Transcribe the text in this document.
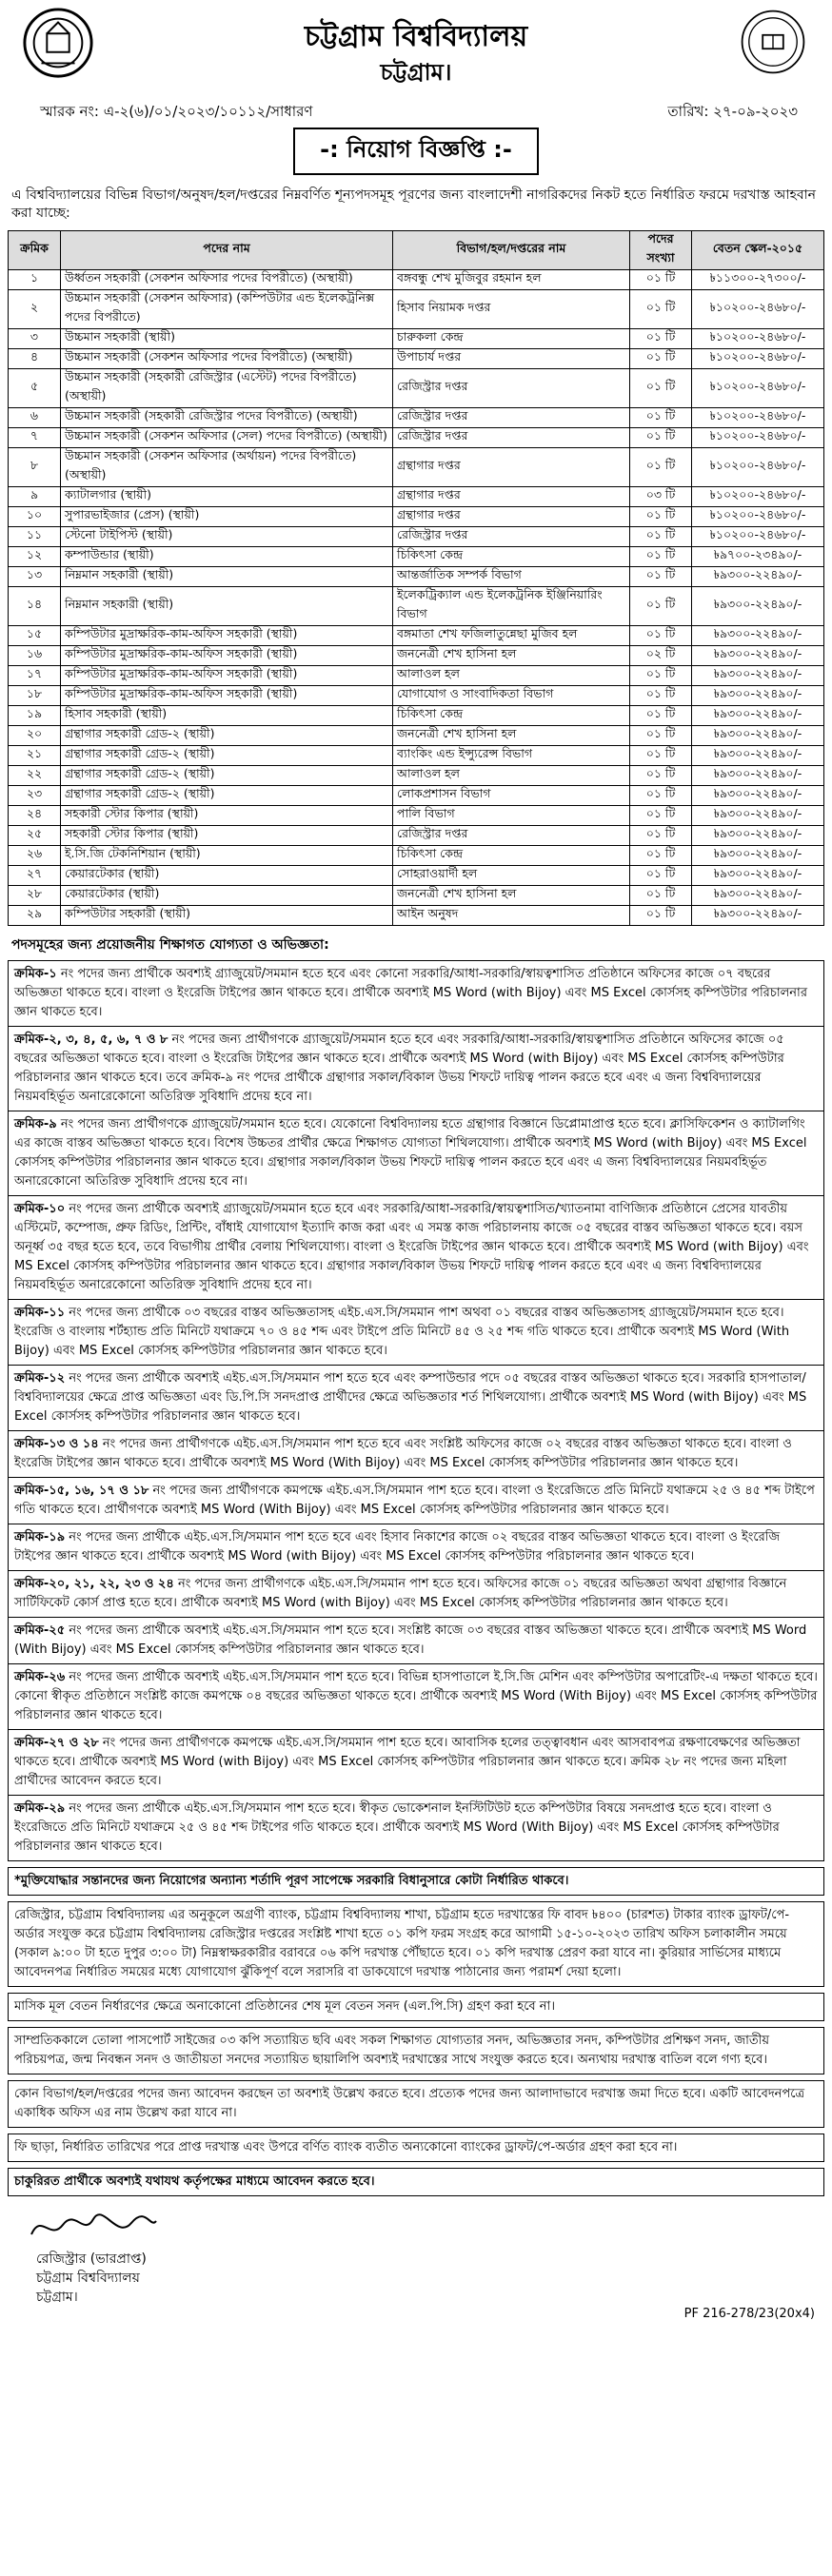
চট্টগ্রাম বিশ্ববিদ্যালয়
চট্টগ্রাম।
স্মারক নং: এ-২(৬)/০১/২০২৩/১০১১২/সাধারণ	তারিখ: ২৭-০৯-২০২৩
-: নিয়োগ বিজ্ঞপ্তি :-
এ বিশ্ববিদ্যালয়ের বিভিন্ন বিভাগ/অনুষদ/হল/দপ্তরের নিম্নবর্ণিত শূন্যপদসমূহ পূরণের জন্য বাংলাদেশী নাগরিকদের নিকট হতে নির্ধারিত ফরমে দরখাস্ত আহবান করা যাচ্ছে:
ক্রমিক	পদের নাম	বিভাগ/হল/দপ্তরের নাম	পদের সংখ্যা	বেতন স্কেল-২০১৫
১	উর্ধ্বতন সহকারী (সেকশন অফিসার পদের বিপরীতে) (অস্থায়ী)	বঙ্গবন্ধু শেখ মুজিবুর রহমান হল	০১ টি	৳১১৩০০-২৭৩০০/-
২	উচ্চমান সহকারী (সেকশন অফিসার) (কম্পিউটার এন্ড ইলেকট্রনিক্স পদের বিপরীতে)	হিসাব নিয়ামক দপ্তর	০১ টি	৳১০২০০-২৪৬৮০/-
৩	উচ্চমান সহকারী (স্থায়ী)	চারুকলা কেন্দ্র	০১ টি	৳১০২০০-২৪৬৮০/-
৪	উচ্চমান সহকারী (সেকশন অফিসার পদের বিপরীতে) (অস্থায়ী)	উপাচার্য দপ্তর	০১ টি	৳১০২০০-২৪৬৮০/-
৫	উচ্চমান সহকারী (সহকারী রেজিস্ট্রার (এস্টেট) পদের বিপরীতে) (অস্থায়ী)	রেজিস্ট্রার দপ্তর	০১ টি	৳১০২০০-২৪৬৮০/-
৬	উচ্চমান সহকারী (সহকারী রেজিস্ট্রার পদের বিপরীতে) (অস্থায়ী)	রেজিস্ট্রার দপ্তর	০১ টি	৳১০২০০-২৪৬৮০/-
৭	উচ্চমান সহকারী (সেকশন অফিসার (সেল) পদের বিপরীতে) (অস্থায়ী)	রেজিস্ট্রার দপ্তর	০১ টি	৳১০২০০-২৪৬৮০/-
৮	উচ্চমান সহকারী (সেকশন অফিসার (অর্থায়ন) পদের বিপরীতে) (অস্থায়ী)	গ্রন্থাগার দপ্তর	০১ টি	৳১০২০০-২৪৬৮০/-
৯	ক্যাটালগার (স্থায়ী)	গ্রন্থাগার দপ্তর	০৩ টি	৳১০২০০-২৪৬৮০/-
১০	সুপারভাইজার (প্রেস) (স্থায়ী)	গ্রন্থাগার দপ্তর	০১ টি	৳১০২০০-২৪৬৮০/-
১১	স্টেনো টাইপিস্ট (স্থায়ী)	রেজিস্ট্রার দপ্তর	০১ টি	৳১০২০০-২৪৬৮০/-
১২	কম্পাউন্ডার (স্থায়ী)	চিকিৎসা কেন্দ্র	০১ টি	৳৯৭০০-২৩৪৯০/-
১৩	নিম্নমান সহকারী (স্থায়ী)	আন্তর্জাতিক সম্পর্ক বিভাগ	০১ টি	৳৯৩০০-২২৪৯০/-
১৪	নিম্নমান সহকারী (স্থায়ী)	ইলেকট্রিক্যাল এন্ড ইলেকট্রনিক ইঞ্জিনিয়ারিং বিভাগ	০১ টি	৳৯৩০০-২২৪৯০/-
১৫	কম্পিউটার মুদ্রাক্ষরিক-কাম-অফিস সহকারী (স্থায়ী)	বঙ্গমাতা শেখ ফজিলাতুন্নেছা মুজিব হল	০১ টি	৳৯৩০০-২২৪৯০/-
১৬	কম্পিউটার মুদ্রাক্ষরিক-কাম-অফিস সহকারী (স্থায়ী)	জননেত্রী শেখ হাসিনা হল	০২ টি	৳৯৩০০-২২৪৯০/-
১৭	কম্পিউটার মুদ্রাক্ষরিক-কাম-অফিস সহকারী (স্থায়ী)	আলাওল হল	০১ টি	৳৯৩০০-২২৪৯০/-
১৮	কম্পিউটার মুদ্রাক্ষরিক-কাম-অফিস সহকারী (স্থায়ী)	যোগাযোগ ও সাংবাদিকতা বিভাগ	০১ টি	৳৯৩০০-২২৪৯০/-
১৯	হিসাব সহকারী (স্থায়ী)	চিকিৎসা কেন্দ্র	০১ টি	৳৯৩০০-২২৪৯০/-
২০	গ্রন্থাগার সহকারী গ্রেড-২ (স্থায়ী)	জননেত্রী শেখ হাসিনা হল	০১ টি	৳৯৩০০-২২৪৯০/-
২১	গ্রন্থাগার সহকারী গ্রেড-২ (স্থায়ী)	ব্যাংকিং এন্ড ইন্স্যুরেন্স বিভাগ	০১ টি	৳৯৩০০-২২৪৯০/-
২২	গ্রন্থাগার সহকারী গ্রেড-২ (স্থায়ী)	আলাওল হল	০১ টি	৳৯৩০০-২২৪৯০/-
২৩	গ্রন্থাগার সহকারী গ্রেড-২ (স্থায়ী)	লোকপ্রশাসন বিভাগ	০১ টি	৳৯৩০০-২২৪৯০/-
২৪	সহকারী স্টোর কিপার (স্থায়ী)	পালি বিভাগ	০১ টি	৳৯৩০০-২২৪৯০/-
২৫	সহকারী স্টোর কিপার (স্থায়ী)	রেজিস্ট্রার দপ্তর	০১ টি	৳৯৩০০-২২৪৯০/-
২৬	ই.সি.জি টেকনিশিয়ান (স্থায়ী)	চিকিৎসা কেন্দ্র	০১ টি	৳৯৩০০-২২৪৯০/-
২৭	কেয়ারটেকার (স্থায়ী)	সোহরাওয়ার্দী হল	০১ টি	৳৯৩০০-২২৪৯০/-
২৮	কেয়ারটেকার (স্থায়ী)	জননেত্রী শেখ হাসিনা হল	০১ টি	৳৯৩০০-২২৪৯০/-
২৯	কম্পিউটার সহকারী (স্থায়ী)	আইন অনুষদ	০১ টি	৳৯৩০০-২২৪৯০/-
পদসমূহের জন্য প্রয়োজনীয় শিক্ষাগত যোগ্যতা ও অভিজ্ঞতা:
ক্রমিক-১ নং পদের জন্য প্রার্থীকে অবশ্যই গ্র্যাজুয়েট/সমমান হতে হবে এবং কোনো সরকারি/আধা-সরকারি/স্বায়ত্বশাসিত প্রতিষ্ঠানে অফিসের কাজে ০৭ বছরের অভিজ্ঞতা থাকতে হবে। বাংলা ও ইংরেজি টাইপের জ্ঞান থাকতে হবে। প্রার্থীকে অবশ্যই MS Word (with Bijoy) এবং MS Excel কোর্সসহ কম্পিউটার পরিচালনার জ্ঞান থাকতে হবে।
ক্রমিক-২, ৩, ৪, ৫, ৬, ৭ ও ৮ নং পদের জন্য প্রার্থীগণকে গ্র্যাজুয়েট/সমমান হতে হবে এবং সরকারি/আধা-সরকারি/স্বায়ত্বশাসিত প্রতিষ্ঠানে অফিসের কাজে ০৫ বছরের অভিজ্ঞতা থাকতে হবে। বাংলা ও ইংরেজি টাইপের জ্ঞান থাকতে হবে। প্রার্থীকে অবশ্যই MS Word (with Bijoy) এবং MS Excel কোর্সসহ কম্পিউটার পরিচালনার জ্ঞান থাকতে হবে। তবে ক্রমিক-৯ নং পদের প্রার্থীকে গ্রন্থাগার সকাল/বিকাল উভয় শিফটে দায়িত্ব পালন করতে হবে এবং এ জন্য বিশ্ববিদ্যালয়ের নিয়মবহির্ভূত অনারেকোনো অতিরিক্ত সুবিধাদি প্রদেয় হবে না।
ক্রমিক-৯ নং পদের জন্য প্রার্থীগণকে গ্র্যাজুয়েট/সমমান হতে হবে। যেকোনো বিশ্ববিদ্যালয় হতে গ্রন্থাগার বিজ্ঞানে ডিপ্লোমাপ্রাপ্ত হতে হবে। ক্লাসিফিকেশন ও ক্যাটালগিং এর কাজে বাস্তব অভিজ্ঞতা থাকতে হবে। বিশেষ উচ্চতর প্রার্থীর ক্ষেত্রে শিক্ষাগত যোগ্যতা শিথিলযোগ্য। প্রার্থীকে অবশ্যই MS Word (with Bijoy) এবং MS Excel কোর্সসহ কম্পিউটার পরিচালনার জ্ঞান থাকতে হবে। গ্রন্থাগার সকাল/বিকাল উভয় শিফটে দায়িত্ব পালন করতে হবে এবং এ জন্য বিশ্ববিদ্যালয়ের নিয়মবহির্ভূত অনারেকোনো অতিরিক্ত সুবিধাদি প্রদেয় হবে না।
ক্রমিক-১০ নং পদের জন্য প্রার্থীকে অবশ্যই গ্র্যাজুয়েট/সমমান হতে হবে এবং সরকারি/আধা-সরকারি/স্বায়ত্বশাসিত/খ্যাতনামা বাণিজ্যিক প্রতিষ্ঠানে প্রেসের যাবতীয় এস্টিমেট, কম্পোজ, প্রুফ রিডিং, প্রিন্টিং, বাঁধাই যোগাযোগ ইত্যাদি কাজ করা এবং এ সমস্ত কাজ পরিচালনায় কাজে ০৫ বছরের বাস্তব অভিজ্ঞতা থাকতে হবে। বয়স অনূর্ধ্ব ৩৫ বছর হতে হবে, তবে বিভাগীয় প্রার্থীর বেলায় শিথিলযোগ্য। বাংলা ও ইংরেজি টাইপের জ্ঞান থাকতে হবে। প্রার্থীকে অবশ্যই MS Word (with Bijoy) এবং MS Excel কোর্সসহ কম্পিউটার পরিচালনার জ্ঞান থাকতে হবে। গ্রন্থাগার সকাল/বিকাল উভয় শিফটে দায়িত্ব পালন করতে হবে এবং এ জন্য বিশ্ববিদ্যালয়ের নিয়মবহির্ভূত অনারেকোনো অতিরিক্ত সুবিধাদি প্রদেয় হবে না।
ক্রমিক-১১ নং পদের জন্য প্রার্থীকে ০৩ বছরের বাস্তব অভিজ্ঞতাসহ এইচ.এস.সি/সমমান পাশ অথবা ০১ বছরের বাস্তব অভিজ্ঞতাসহ গ্র্যাজুয়েট/সমমান হতে হবে। ইংরেজি ও বাংলায় শর্টহ্যান্ড প্রতি মিনিটে যথাক্রমে ৭০ ও ৪৫ শব্দ এবং টাইপে প্রতি মিনিটে ৪৫ ও ২৫ শব্দ গতি থাকতে হবে। প্রার্থীকে অবশ্যই MS Word (With Bijoy) এবং MS Excel কোর্সসহ কম্পিউটার পরিচালনার জ্ঞান থাকতে হবে।
ক্রমিক-১২ নং পদের জন্য প্রার্থীকে অবশ্যই এইচ.এস.সি/সমমান পাশ হতে হবে এবং কম্পাউন্ডার পদে ০৫ বছরের বাস্তব অভিজ্ঞতা থাকতে হবে। সরকারি হাসপাতাল/বিশ্ববিদ্যালয়ের ক্ষেত্রে প্রাপ্ত অভিজ্ঞতা এবং ডি.পি.সি সনদপ্রাপ্ত প্রার্থীদের ক্ষেত্রে অভিজ্ঞতার শর্ত শিথিলযোগ্য। প্রার্থীকে অবশ্যই MS Word (with Bijoy) এবং MS Excel কোর্সসহ কম্পিউটার পরিচালনার জ্ঞান থাকতে হবে।
ক্রমিক-১৩ ও ১৪ নং পদের জন্য প্রার্থীগণকে এইচ.এস.সি/সমমান পাশ হতে হবে এবং সংশ্লিষ্ট অফিসের কাজে ০২ বছরের বাস্তব অভিজ্ঞতা থাকতে হবে। বাংলা ও ইংরেজি টাইপের জ্ঞান থাকতে হবে। প্রার্থীকে অবশ্যই MS Word (With Bijoy) এবং MS Excel কোর্সসহ কম্পিউটার পরিচালনার জ্ঞান থাকতে হবে।
ক্রমিক-১৫, ১৬, ১৭ ও ১৮ নং পদের জন্য প্রার্থীগণকে কমপক্ষে এইচ.এস.সি/সমমান পাশ হতে হবে। বাংলা ও ইংরেজিতে প্রতি মিনিটে যথাক্রমে ২৫ ও ৪৫ শব্দ টাইপে গতি থাকতে হবে। প্রার্থীগণকে অবশ্যই MS Word (With Bijoy) এবং MS Excel কোর্সসহ কম্পিউটার পরিচালনার জ্ঞান থাকতে হবে।
ক্রমিক-১৯ নং পদের জন্য প্রার্থীকে এইচ.এস.সি/সমমান পাশ হতে হবে এবং হিসাব নিকাশের কাজে ০২ বছরের বাস্তব অভিজ্ঞতা থাকতে হবে। বাংলা ও ইংরেজি টাইপের জ্ঞান থাকতে হবে। প্রার্থীকে অবশ্যই MS Word (with Bijoy) এবং MS Excel কোর্সসহ কম্পিউটার পরিচালনার জ্ঞান থাকতে হবে।
ক্রমিক-২০, ২১, ২২, ২৩ ও ২৪ নং পদের জন্য প্রার্থীগণকে এইচ.এস.সি/সমমান পাশ হতে হবে। অফিসের কাজে ০১ বছরের অভিজ্ঞতা অথবা গ্রন্থাগার বিজ্ঞানে সার্টিফিকেট কোর্স প্রাপ্ত হতে হবে। প্রার্থীকে অবশ্যই MS Word (with Bijoy) এবং MS Excel কোর্সসহ কম্পিউটার পরিচালনার জ্ঞান থাকতে হবে।
ক্রমিক-২৫ নং পদের জন্য প্রার্থীকে অবশ্যই এইচ.এস.সি/সমমান পাশ হতে হবে। সংশ্লিষ্ট কাজে ০৩ বছরের বাস্তব অভিজ্ঞতা থাকতে হবে। প্রার্থীকে অবশ্যই MS Word (With Bijoy) এবং MS Excel কোর্সসহ কম্পিউটার পরিচালনার জ্ঞান থাকতে হবে।
ক্রমিক-২৬ নং পদের জন্য প্রার্থীকে অবশ্যই এইচ.এস.সি/সমমান পাশ হতে হবে। বিভিন্ন হাসপাতালে ই.সি.জি মেশিন এবং কম্পিউটার অপারেটিং-এ দক্ষতা থাকতে হবে। কোনো স্বীকৃত প্রতিষ্ঠানে সংশ্লিষ্ট কাজে কমপক্ষে ০৪ বছরের অভিজ্ঞতা থাকতে হবে। প্রার্থীকে অবশ্যই MS Word (With Bijoy) এবং MS Excel কোর্সসহ কম্পিউটার পরিচালনার জ্ঞান থাকতে হবে।
ক্রমিক-২৭ ও ২৮ নং পদের জন্য প্রার্থীগণকে কমপক্ষে এইচ.এস.সি/সমমান পাশ হতে হবে। আবাসিক হলের তত্ত্বাবধান এবং আসবাবপত্র রক্ষণাবেক্ষণের অভিজ্ঞতা থাকতে হবে। প্রার্থীকে অবশ্যই MS Word (with Bijoy) এবং MS Excel কোর্সসহ কম্পিউটার পরিচালনার জ্ঞান থাকতে হবে। ক্রমিক ২৮ নং পদের জন্য মহিলা প্রার্থীদের আবেদন করতে হবে।
ক্রমিক-২৯ নং পদের জন্য প্রার্থীকে এইচ.এস.সি/সমমান পাশ হতে হবে। স্বীকৃত ভোকেশনাল ইনস্টিটিউট হতে কম্পিউটার বিষয়ে সনদপ্রাপ্ত হতে হবে। বাংলা ও ইংরেজিতে প্রতি মিনিটে যথাক্রমে ২৫ ও ৪৫ শব্দ টাইপের গতি থাকতে হবে। প্রার্থীকে অবশ্যই MS Word (With Bijoy) এবং MS Excel কোর্সসহ কম্পিউটার পরিচালনার জ্ঞান থাকতে হবে।
*মুক্তিযোদ্ধার সন্তানদের জন্য নিয়োগের অন্যান্য শর্তাদি পূরণ সাপেক্ষে সরকারি বিধানুসারে কোটা নির্ধারিত থাকবে।
রেজিস্ট্রার, চট্টগ্রাম বিশ্ববিদ্যালয় এর অনুকূলে অগ্রণী ব্যাংক, চট্টগ্রাম বিশ্ববিদ্যালয় শাখা, চট্টগ্রাম হতে দরখাস্তের ফি বাবদ ৳৪০০ (চারশত) টাকার ব্যাংক ড্রাফট/পে-অর্ডার সংযুক্ত করে চট্টগ্রাম বিশ্ববিদ্যালয় রেজিস্ট্রার দপ্তরের সংশ্লিষ্ট শাখা হতে ০১ কপি ফরম সংগ্রহ করে আগামী ১৫-১০-২০২৩ তারিখ অফিস চলাকালীন সময়ে (সকাল ৯:০০ টা হতে দুপুর ৩:০০ টা) নিম্নস্বাক্ষরকারীর বরাবরে ০৬ কপি দরখাস্ত পৌঁছাতে হবে। ০১ কপি দরখাস্ত প্রেরণ করা যাবে না। কুরিয়ার সার্ভিসের মাধ্যমে আবেদনপত্র নির্ধারিত সময়ের মধ্যে যোগাযোগ ঝুঁকিপূর্ণ বলে সরাসরি বা ডাকযোগে দরখাস্ত পাঠানোর জন্য পরামর্শ দেয়া হলো।
মাসিক মূল বেতন নির্ধারণের ক্ষেত্রে অনাকোনো প্রতিষ্ঠানের শেষ মূল বেতন সনদ (এল.পি.সি) গ্রহণ করা হবে না।
সাম্প্রতিককালে তোলা পাসপোর্ট সাইজের ০৩ কপি সত্যায়িত ছবি এবং সকল শিক্ষাগত যোগ্যতার সনদ, অভিজ্ঞতার সনদ, কম্পিউটার প্রশিক্ষণ সনদ, জাতীয় পরিচয়পত্র, জন্ম নিবন্ধন সনদ ও জাতীয়তা সনদের সত্যায়িত ছায়ালিপি অবশ্যই দরখাস্তের সাথে সংযুক্ত করতে হবে। অন্যথায় দরখাস্ত বাতিল বলে গণ্য হবে।
কোন বিভাগ/হল/দপ্তরের পদের জন্য আবেদন করছেন তা অবশ্যই উল্লেখ করতে হবে। প্রত্যেক পদের জন্য আলাদাভাবে দরখাস্ত জমা দিতে হবে। একটি আবেদনপত্রে একাধিক অফিস এর নাম উল্লেখ করা যাবে না।
ফি ছাড়া, নির্ধারিত তারিখের পরে প্রাপ্ত দরখাস্ত এবং উপরে বর্ণিত ব্যাংক ব্যতীত অন্যকোনো ব্যাংকের ড্রাফট/পে-অর্ডার গ্রহণ করা হবে না।
চাকুরিরত প্রার্থীকে অবশ্যই যথাযথ কর্তৃপক্ষের মাধ্যমে আবেদন করতে হবে।
রেজিস্ট্রার (ভারপ্রাপ্ত)
চট্টগ্রাম বিশ্ববিদ্যালয়
চট্টগ্রাম।
PF 216-278/23(20x4)
